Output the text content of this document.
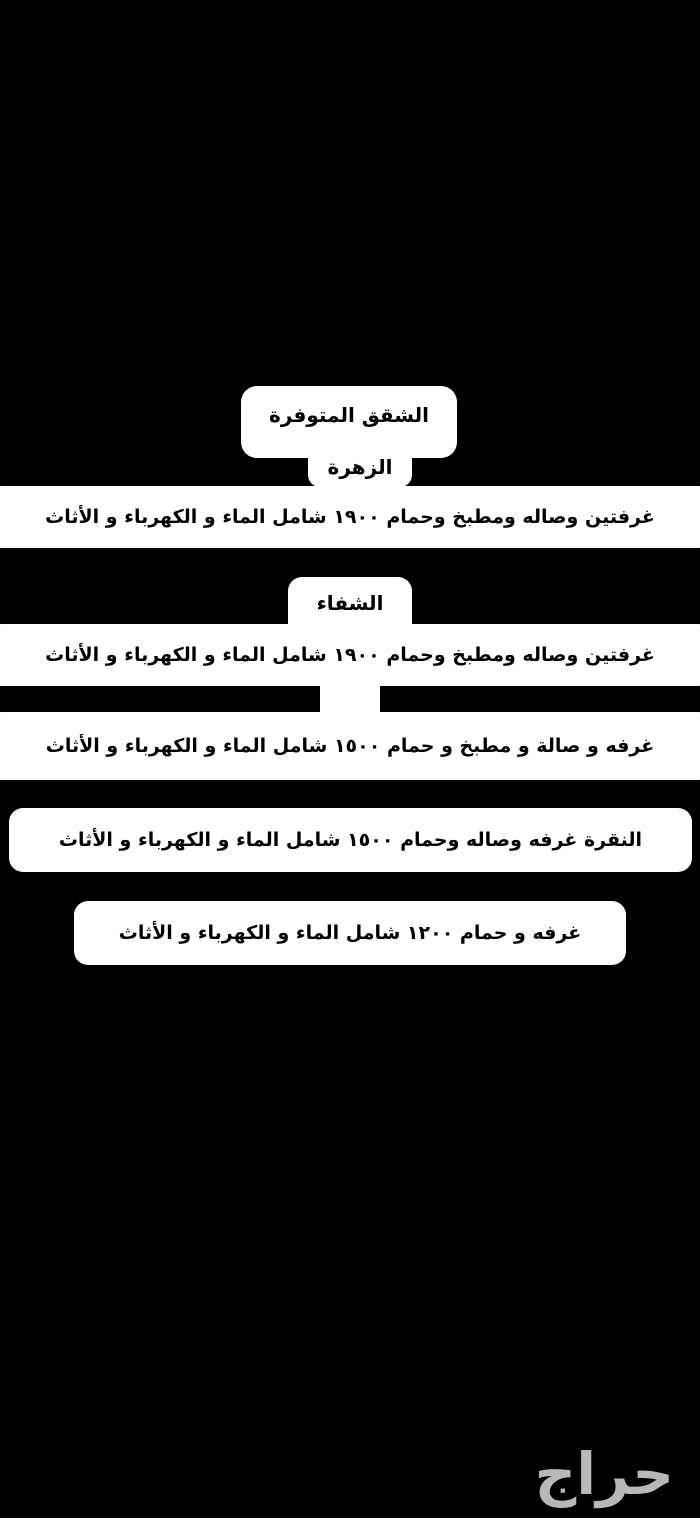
الشقق المتوفرة
الزهرة
غرفتين وصاله ومطبخ وحمام ١٩٠٠ شامل الماء و الكهرباء و الأثاث
الشفاء
غرفتين وصاله ومطبخ وحمام ١٩٠٠ شامل الماء و الكهرباء و الأثاث
غرفه و صالة و مطبخ و حمام ١٥٠٠ شامل الماء و الكهرباء و الأثاث
النقرة غرفه وصاله وحمام ١٥٠٠ شامل الماء و الكهرباء و الأثاث
غرفه و حمام ١٢٠٠ شامل الماء و الكهرباء و الأثاث
حراج
